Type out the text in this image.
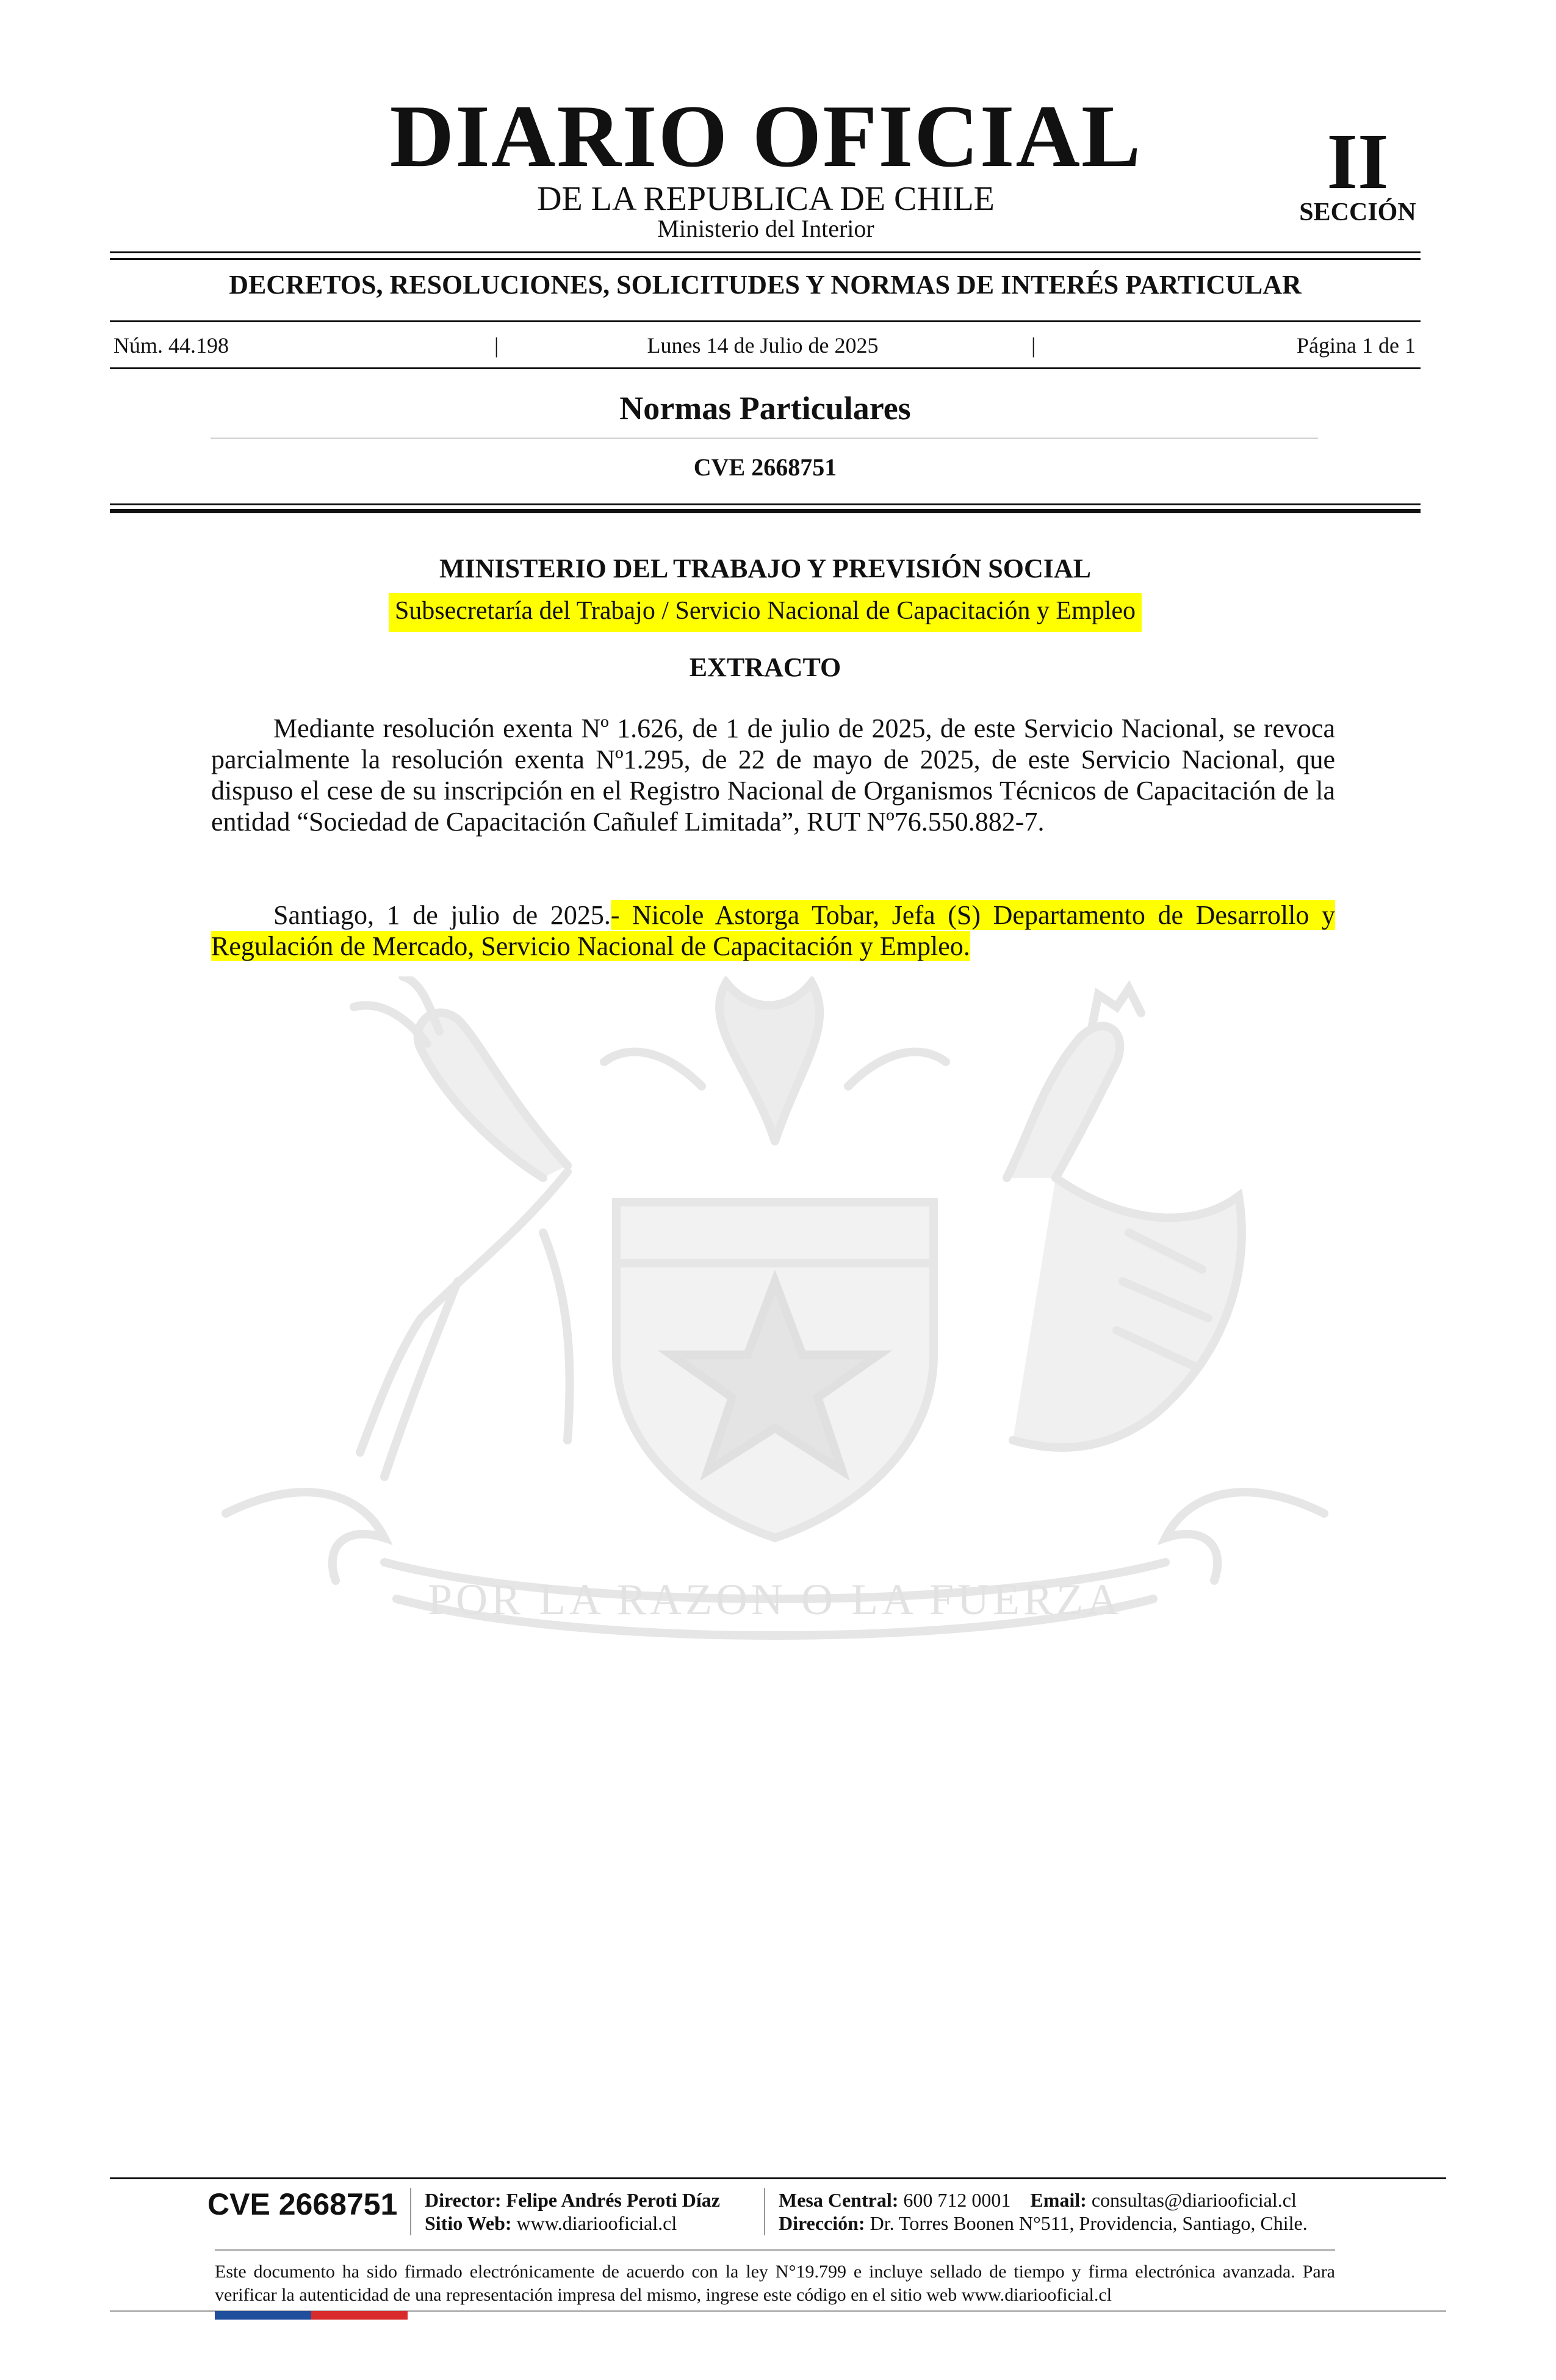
DIARIO OFICIAL
DE LA REPUBLICA DE CHILE
Ministerio del Interior
II
SECCIÓN
DECRETOS, RESOLUCIONES, SOLICITUDES Y NORMAS DE INTERÉS PARTICULAR
Núm. 44.198	|	Lunes 14 de Julio de 2025	|	Página 1 de 1
Normas Particulares
CVE 2668751
POR LA RAZON O LA FUERZA
MINISTERIO DEL TRABAJO Y PREVISIÓN SOCIAL
Subsecretaría del Trabajo / Servicio Nacional de Capacitación y Empleo
EXTRACTO
Mediante resolución exenta Nº 1.626, de 1 de julio de 2025, de este Servicio Nacional, se revoca parcialmente la resolución exenta Nº1.295, de 22 de mayo de 2025, de este Servicio Nacional, que dispuso el cese de su inscripción en el Registro Nacional de Organismos Técnicos de Capacitación de la entidad “Sociedad de Capacitación Cañulef Limitada”, RUT Nº76.550.882-7.
Santiago, 1 de julio de 2025.- Nicole Astorga Tobar, Jefa (S) Departamento de Desarrollo y Regulación de Mercado, Servicio Nacional de Capacitación y Empleo.
CVE 2668751 Director: Felipe Andrés Peroti Díaz
Sitio Web: www.diariooficial.cl
Mesa Central: 600 712 0001 Email: consultas@diariooficial.cl
Dirección: Dr. Torres Boonen N°511, Providencia, Santiago, Chile.
Este documento ha sido firmado electrónicamente de acuerdo con la ley N°19.799 e incluye sellado de tiempo y firma electrónica avanzada. Para verificar la autenticidad de una representación impresa del mismo, ingrese este código en el sitio web www.diariooficial.cl
